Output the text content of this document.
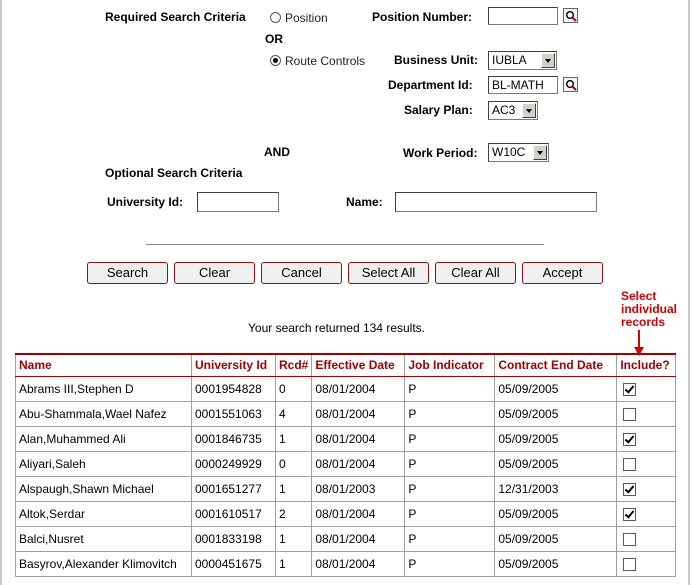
Required Search Criteria	Position
OR
Route Controls
Position Number:
Business Unit:	IUBLA
Department Id:	BL-MATH
Salary Plan:	AC3
AND	Work Period:	W10C
Optional Search Criteria
University Id:	Name:
Search	Clear	Cancel	Select All	Clear All	Accept
Select
individual
records
Your search returned 134 results.
Name	University Id	Rcd#	Effective Date	Job Indicator	Contract End Date	Include?
Abrams III,Stephen D	0001954828	0	08/01/2004	P	05/09/2005	
Abu-Shammala,Wael Nafez	0001551063	4	08/01/2004	P	05/09/2005	
Alan,Muhammed Ali	0001846735	1	08/01/2004	P	05/09/2005	
Aliyari,Saleh	0000249929	0	08/01/2004	P	05/09/2005	
Alspaugh,Shawn Michael	0001651277	1	08/01/2003	P	12/31/2003	
Altok,Serdar	0001610517	2	08/01/2004	P	05/09/2005	
Balci,Nusret	0001833198	1	08/01/2004	P	05/09/2005	
Basyrov,Alexander Klimovitch	0000451675	1	08/01/2004	P	05/09/2005	
